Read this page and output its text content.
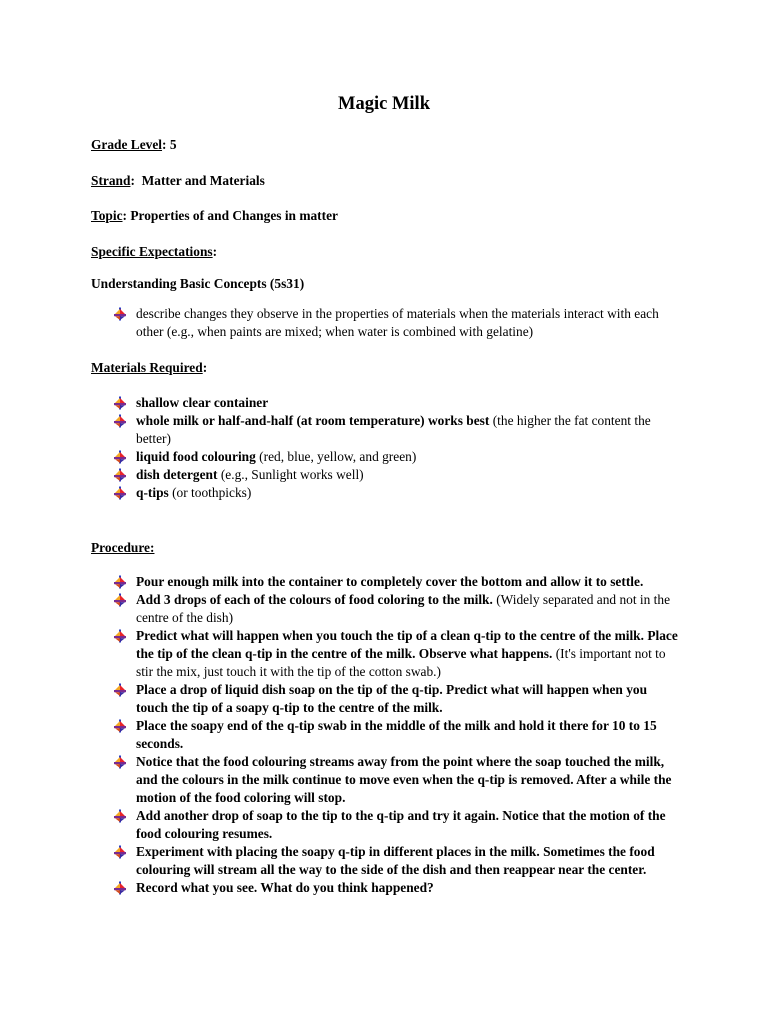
Magic Milk
Grade Level: 5
Strand:  Matter and Materials
Topic: Properties of and Changes in matter
Specific Expectations:
Understanding Basic Concepts (5s31)
describe changes they observe in the properties of materials when the materials interact with each other (e.g., when paints are mixed; when water is combined with gelatine)
Materials Required:
shallow clear container
whole milk or half-and-half (at room temperature) works best (the higher the fat content the better)
liquid food colouring (red, blue, yellow, and green)
dish detergent (e.g., Sunlight works well)
q-tips (or toothpicks)
Procedure:
Pour enough milk into the container to completely cover the bottom and allow it to settle.
Add 3 drops of each of the colours of food coloring to the milk. (Widely separated and not in the centre of the dish)
Predict what will happen when you touch the tip of a clean q-tip to the centre of the milk. Place the tip of the clean q-tip in the centre of the milk. Observe what happens. (It's important not to stir the mix, just touch it with the tip of the cotton swab.)
Place a drop of liquid dish soap on the tip of the q-tip. Predict what will happen when you touch the tip of a soapy q-tip to the centre of the milk.
Place the soapy end of the q-tip swab in the middle of the milk and hold it there for 10 to 15 seconds.
Notice that the food colouring streams away from the point where the soap touched the milk, and the colours in the milk continue to move even when the q-tip is removed. After a while the motion of the food coloring will stop.
Add another drop of soap to the tip to the q-tip and try it again. Notice that the motion of the food colouring resumes.
Experiment with placing the soapy q-tip in different places in the milk. Sometimes the food colouring will stream all the way to the side of the dish and then reappear near the center.
Record what you see. What do you think happened?
